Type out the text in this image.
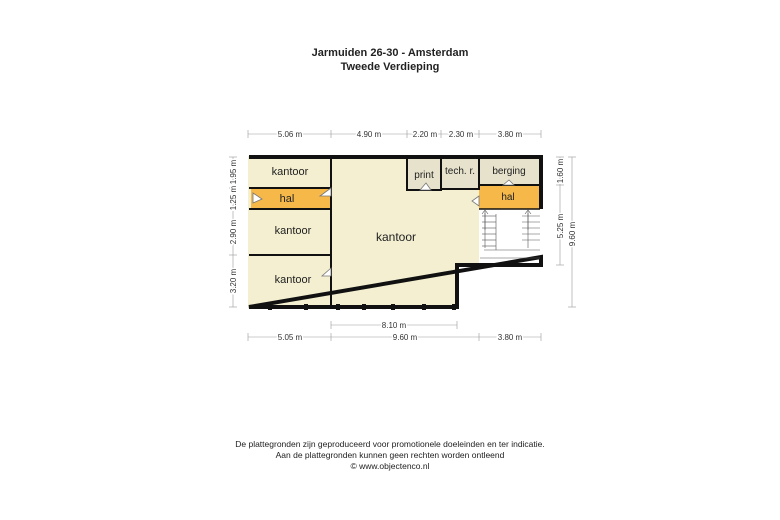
Jarmuiden 26-30 - Amsterdam
Tweede Verdieping
kantoor
hal
kantoor
kantoor
kantoor
print tech. r. berging
hal
5.06 m	4.90 m	2.20 m 2.30 m	3.80 m
8.10 m
5.05 m	9.60 m	3.80 m
1.95 m
1.25 m
2.90 m
3.20 m
1.60 m
5.25 m 9.60 m
De plattegronden zijn geproduceerd voor promotionele doeleinden en ter indicatie.
Aan de plattegronden kunnen geen rechten worden ontleend
© www.objectenco.nl
